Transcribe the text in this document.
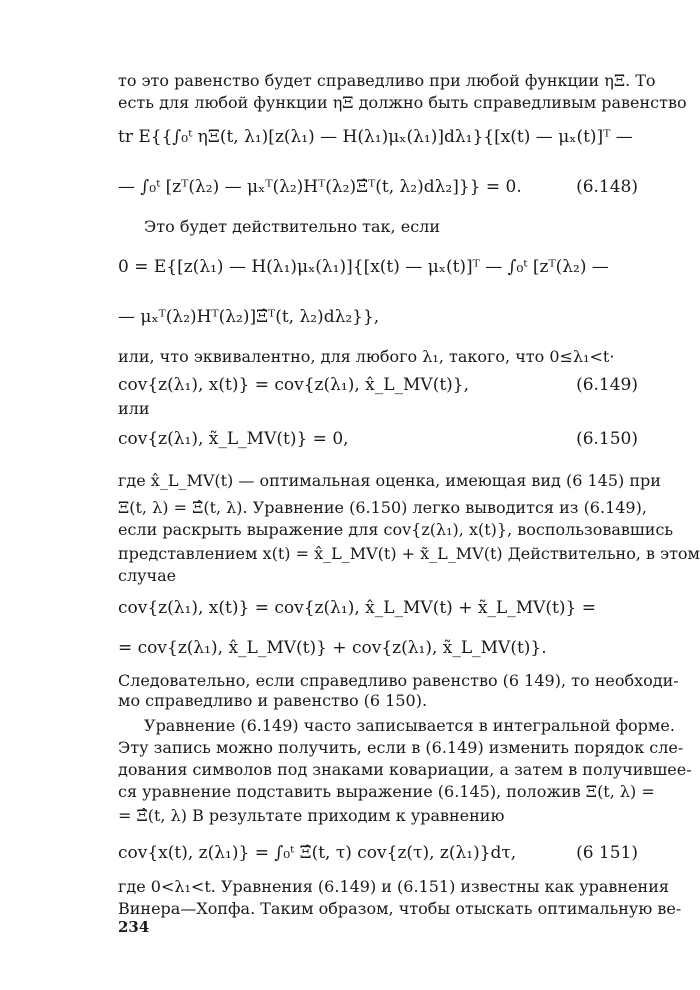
то это равенство будет справедливо при любой функции ηΞ. То
есть для любой функции ηΞ должно быть справедливым равенство
tr E{{∫₀ᵗ ηΞ(t, λ₁)[z(λ₁) — H(λ₁)μₓ(λ₁)]dλ₁}{[x(t) — μₓ(t)]ᵀ —
— ∫₀ᵗ [zᵀ(λ₂) — μₓᵀ(λ₂)Hᵀ(λ₂)Ξ̂ᵀ(t, λ₂)dλ₂]}} = 0.	(6.148)
Это будет действительно так, если
0 = E{[z(λ₁) — H(λ₁)μₓ(λ₁)]{[x(t) — μₓ(t)]ᵀ — ∫₀ᵗ [zᵀ(λ₂) —
— μₓᵀ(λ₂)Hᵀ(λ₂)]Ξ̂ᵀ(t, λ₂)dλ₂}},
или, что эквивалентно, для любого λ₁, такого, что 0≤λ₁<t·
cov{z(λ₁), x(t)} = cov{z(λ₁), x̂_L_MV(t)},	(6.149)
или
cov{z(λ₁), x̃_L_MV(t)} = 0,	(6.150)
где x̂_L_MV(t) — оптимальная оценка, имеющая вид (6 145) при
Ξ(t, λ) = Ξ̂(t, λ). Уравнение (6.150) легко выводится из (6.149),
если раскрыть выражение для cov{z(λ₁), x(t)}, воспользовавшись
представлением x(t) = x̂_L_MV(t) + x̃_L_MV(t) Действительно, в этом
случае
cov{z(λ₁), x(t)} = cov{z(λ₁), x̂_L_MV(t) + x̃_L_MV(t)} =
= cov{z(λ₁), x̂_L_MV(t)} + cov{z(λ₁), x̃_L_MV(t)}.
Следовательно, если справедливо равенство (6 149), то необходи-
мо справедливо и равенство (6 150).
Уравнение (6.149) часто записывается в интегральной форме.
Эту запись можно получить, если в (6.149) изменить порядок сле-
дования символов под знаками ковариации, а затем в получившее-
ся уравнение подставить выражение (6.145), положив Ξ(t, λ) =
= Ξ̂(t, λ) В результате приходим к уравнению
cov{x(t), z(λ₁)} = ∫₀ᵗ Ξ̂(t, τ) cov{z(τ), z(λ₁)}dτ,	(6 151)
где 0<λ₁<t. Уравнения (6.149) и (6.151) известны как уравнения
Винера—Хопфа. Таким образом, чтобы отыскать оптимальную ве-
234
